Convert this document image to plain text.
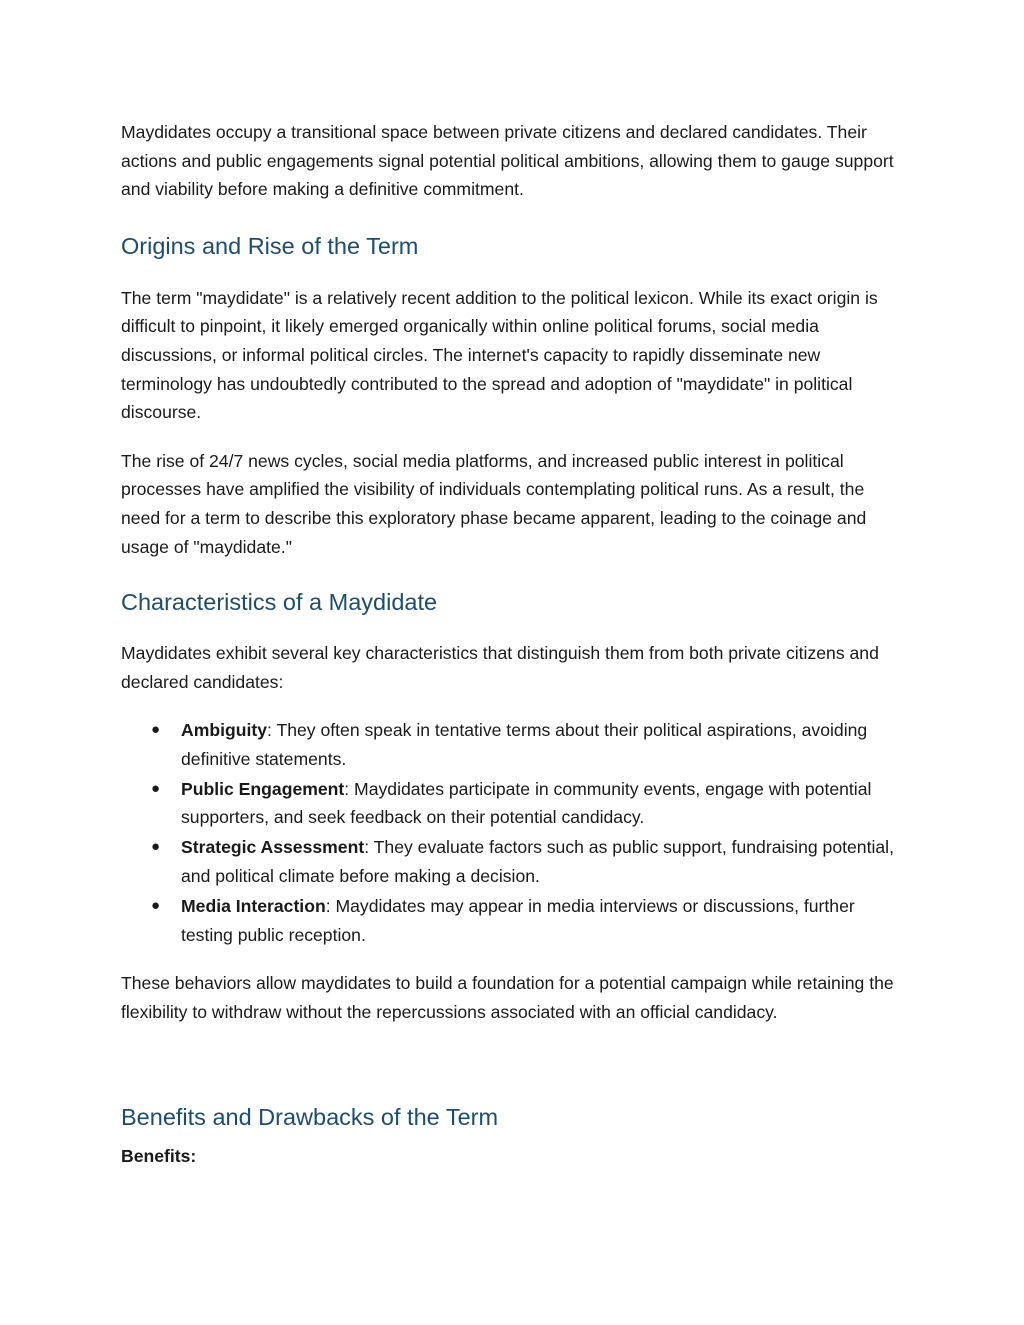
Maydidates occupy a transitional space between private citizens and declared candidates. Their actions and public engagements signal potential political ambitions, allowing them to gauge support and viability before making a definitive commitment.

Origins and Rise of the Term

The term "maydidate" is a relatively recent addition to the political lexicon. While its exact origin is difficult to pinpoint, it likely emerged organically within online political forums, social media discussions, or informal political circles. The internet's capacity to rapidly disseminate new terminology has undoubtedly contributed to the spread and adoption of "maydidate" in political discourse.

The rise of 24/7 news cycles, social media platforms, and increased public interest in political processes have amplified the visibility of individuals contemplating political runs. As a result, the need for a term to describe this exploratory phase became apparent, leading to the coinage and usage of "maydidate."

Characteristics of a Maydidate

Maydidates exhibit several key characteristics that distinguish them from both private citizens and declared candidates:

● Ambiguity: They often speak in tentative terms about their political aspirations, avoiding definitive statements.
● Public Engagement: Maydidates participate in community events, engage with potential supporters, and seek feedback on their potential candidacy.
● Strategic Assessment: They evaluate factors such as public support, fundraising potential, and political climate before making a decision.
● Media Interaction: Maydidates may appear in media interviews or discussions, further testing public reception.

These behaviors allow maydidates to build a foundation for a potential campaign while retaining the flexibility to withdraw without the repercussions associated with an official candidacy.

Benefits and Drawbacks of the Term
Benefits:
